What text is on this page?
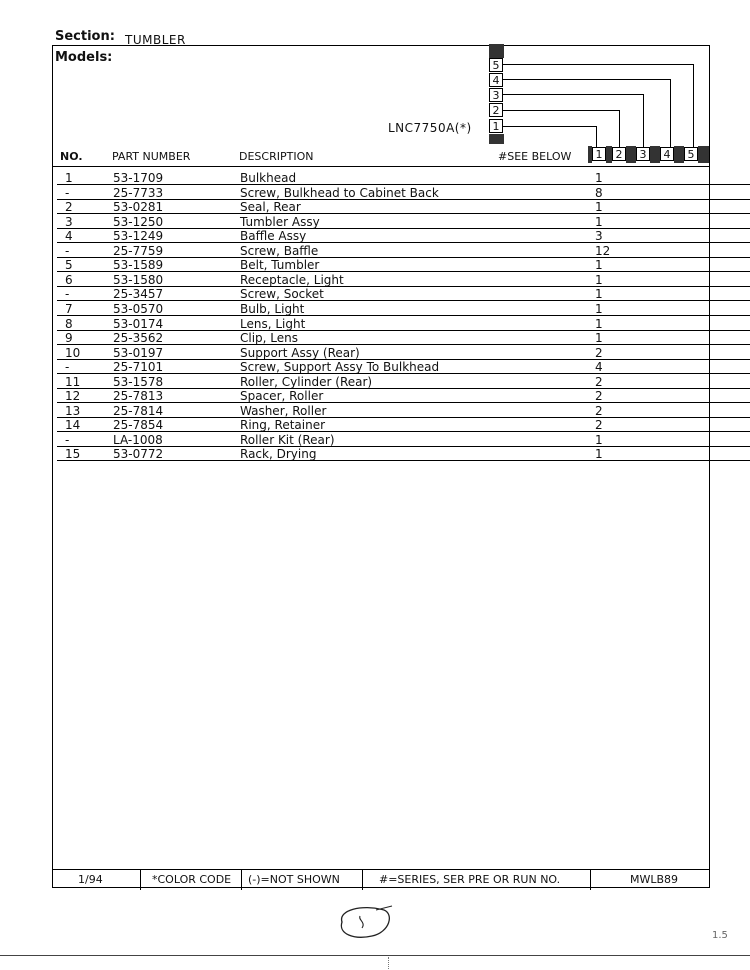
Section: TUMBLER
Models:
LNC7750A(*)
5
4
3
2
1
NO.	PART NUMBER	DESCRIPTION	#SEE BELOW	1	2	3	4	5
1	53-1709	Bulkhead	1
-	25-7733	Screw, Bulkhead to Cabinet Back	8
2	53-0281	Seal, Rear	1
3	53-1250	Tumbler Assy	1
4	53-1249	Baffle Assy	3
-	25-7759	Screw, Baffle	12
5	53-1589	Belt, Tumbler	1
6	53-1580	Receptacle, Light	1
-	25-3457	Screw, Socket	1
7	53-0570	Bulb, Light	1
8	53-0174	Lens, Light	1
9	25-3562	Clip, Lens	1
10	53-0197	Support Assy (Rear)	2
-	25-7101	Screw, Support Assy To Bulkhead	4
11	53-1578	Roller, Cylinder (Rear)	2
12	25-7813	Spacer, Roller	2
13	25-7814	Washer, Roller	2
14	25-7854	Ring, Retainer	2
-	LA-1008	Roller Kit (Rear)	1
15	53-0772	Rack, Drying	1
1/94	*COLOR CODE (-)=NOT SHOWN	#=SERIES, SER PRE OR RUN NO.	MWLB89
1.5
